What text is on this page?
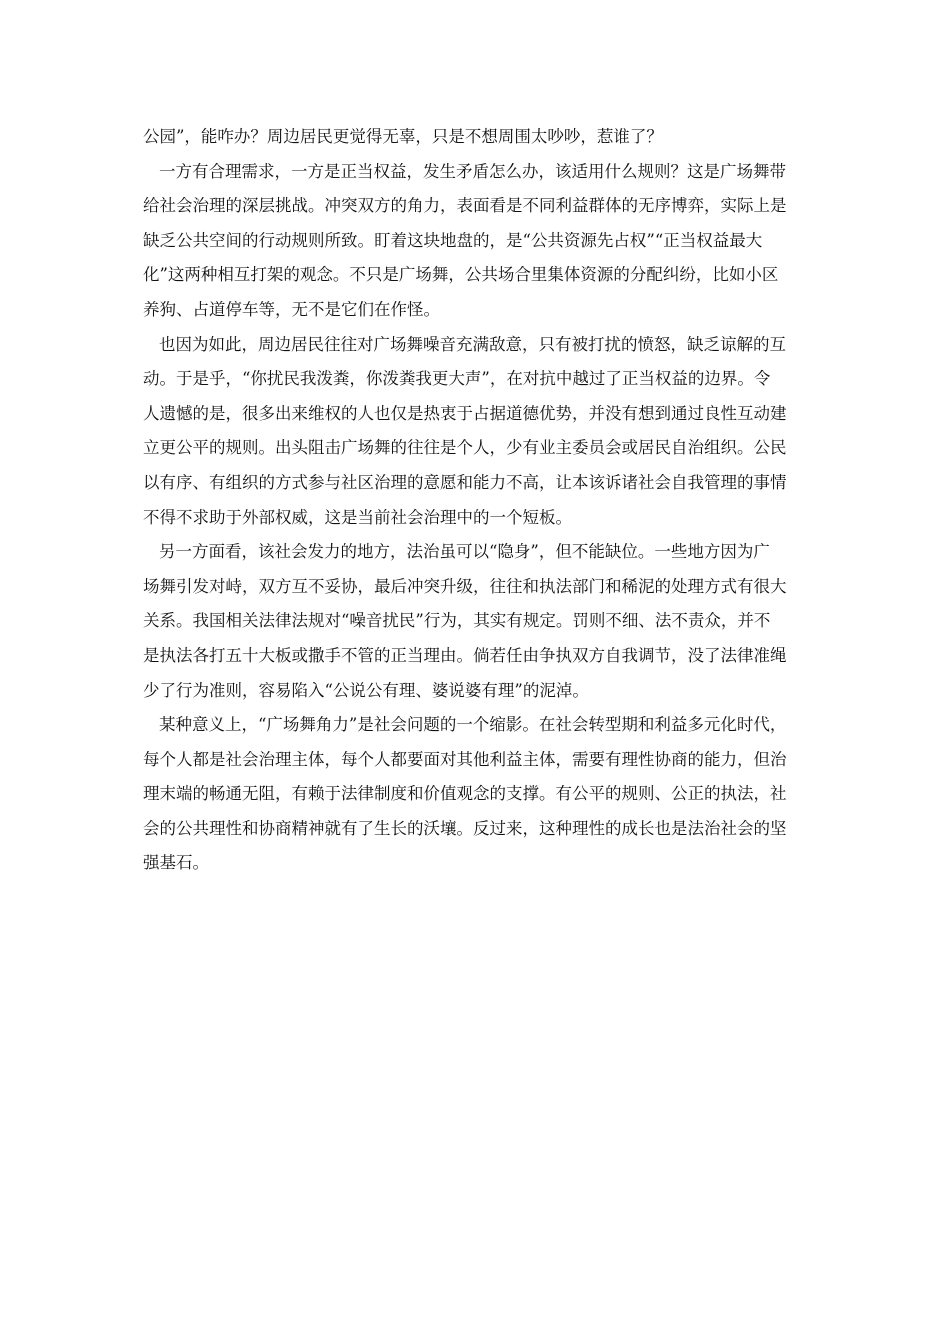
公园”，能咋办？周边居民更觉得无辜，只是不想周围太吵吵，惹谁了？
一方有合理需求，一方是正当权益，发生矛盾怎么办，该适用什么规则？这是广场舞带
给社会治理的深层挑战。冲突双方的角力，表面看是不同利益群体的无序博弈，实际上是
缺乏公共空间的行动规则所致。盯着这块地盘的，是“公共资源先占权”“正当权益最大
化”这两种相互打架的观念。不只是广场舞，公共场合里集体资源的分配纠纷，比如小区
养狗、占道停车等，无不是它们在作怪。
也因为如此，周边居民往往对广场舞噪音充满敌意，只有被打扰的愤怒，缺乏谅解的互
动。于是乎，“你扰民我泼粪，你泼粪我更大声”，在对抗中越过了正当权益的边界。令
人遗憾的是，很多出来维权的人也仅是热衷于占据道德优势，并没有想到通过良性互动建
立更公平的规则。出头阻击广场舞的往往是个人，少有业主委员会或居民自治组织。公民
以有序、有组织的方式参与社区治理的意愿和能力不高，让本该诉诸社会自我管理的事情
不得不求助于外部权威，这是当前社会治理中的一个短板。
另一方面看，该社会发力的地方，法治虽可以“隐身”，但不能缺位。一些地方因为广
场舞引发对峙，双方互不妥协，最后冲突升级，往往和执法部门和稀泥的处理方式有很大
关系。我国相关法律法规对“噪音扰民”行为，其实有规定。罚则不细、法不责众，并不
是执法各打五十大板或撒手不管的正当理由。倘若任由争执双方自我调节，没了法律准绳
少了行为准则，容易陷入“公说公有理、婆说婆有理”的泥淖。
某种意义上，“广场舞角力”是社会问题的一个缩影。在社会转型期和利益多元化时代，
每个人都是社会治理主体，每个人都要面对其他利益主体，需要有理性协商的能力，但治
理末端的畅通无阻，有赖于法律制度和价值观念的支撑。有公平的规则、公正的执法，社
会的公共理性和协商精神就有了生长的沃壤。反过来，这种理性的成长也是法治社会的坚
强基石。
